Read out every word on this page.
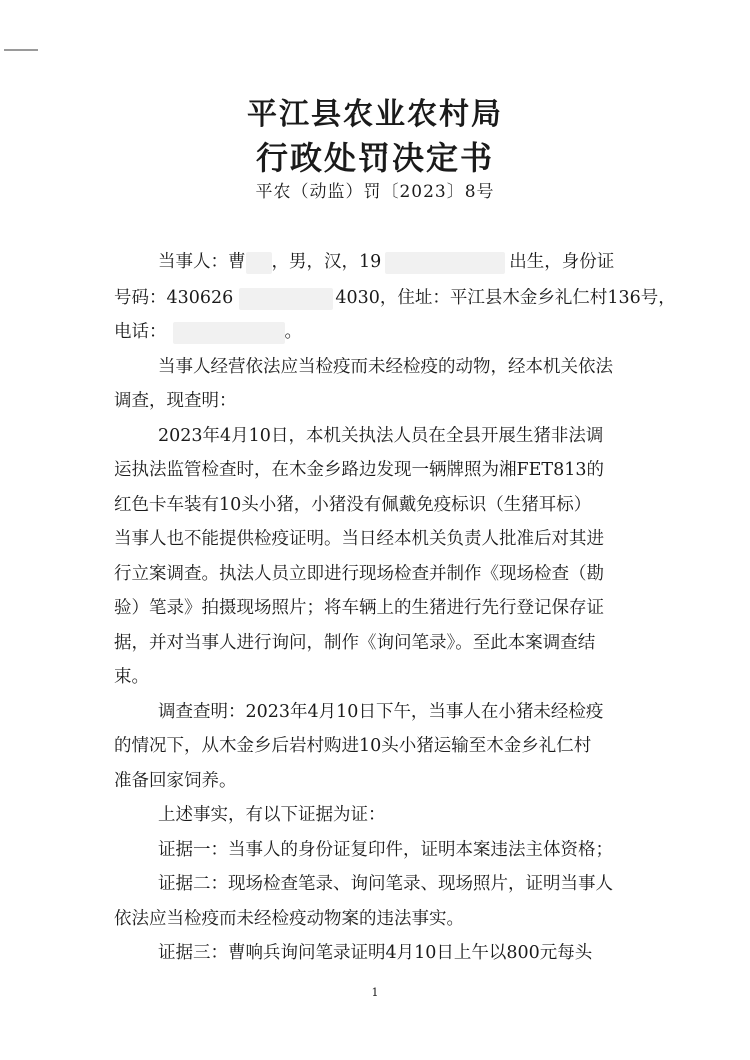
平江县农业农村局
行政处罚决定书
平农（动监）罚〔2023〕8号
当事人：曹 ，男，汉，19	出生，身份证
号码：430626	4030，住址：平江县木金乡礼仁村136号，
电话：	。
当事人经营依法应当检疫而未经检疫的动物，经本机关依法
调查，现查明：
2023年4月10日，本机关执法人员在全县开展生猪非法调
运执法监管检查时，在木金乡路边发现一辆牌照为湘FET813的
红色卡车装有10头小猪，小猪没有佩戴免疫标识（生猪耳标）
当事人也不能提供检疫证明。当日经本机关负责人批准后对其进
行立案调查。执法人员立即进行现场检查并制作《现场检查（勘
验）笔录》拍摄现场照片；将车辆上的生猪进行先行登记保存证
据，并对当事人进行询问，制作《询问笔录》。至此本案调查结
束。
调查查明：2023年4月10日下午，当事人在小猪未经检疫
的情况下，从木金乡后岩村购进10头小猪运输至木金乡礼仁村
准备回家饲养。
上述事实，有以下证据为证：
证据一：当事人的身份证复印件，证明本案违法主体资格；
证据二：现场检查笔录、询问笔录、现场照片，证明当事人
依法应当检疫而未经检疫动物案的违法事实。
证据三：曹响兵询问笔录证明4月10日上午以800元每头
1
